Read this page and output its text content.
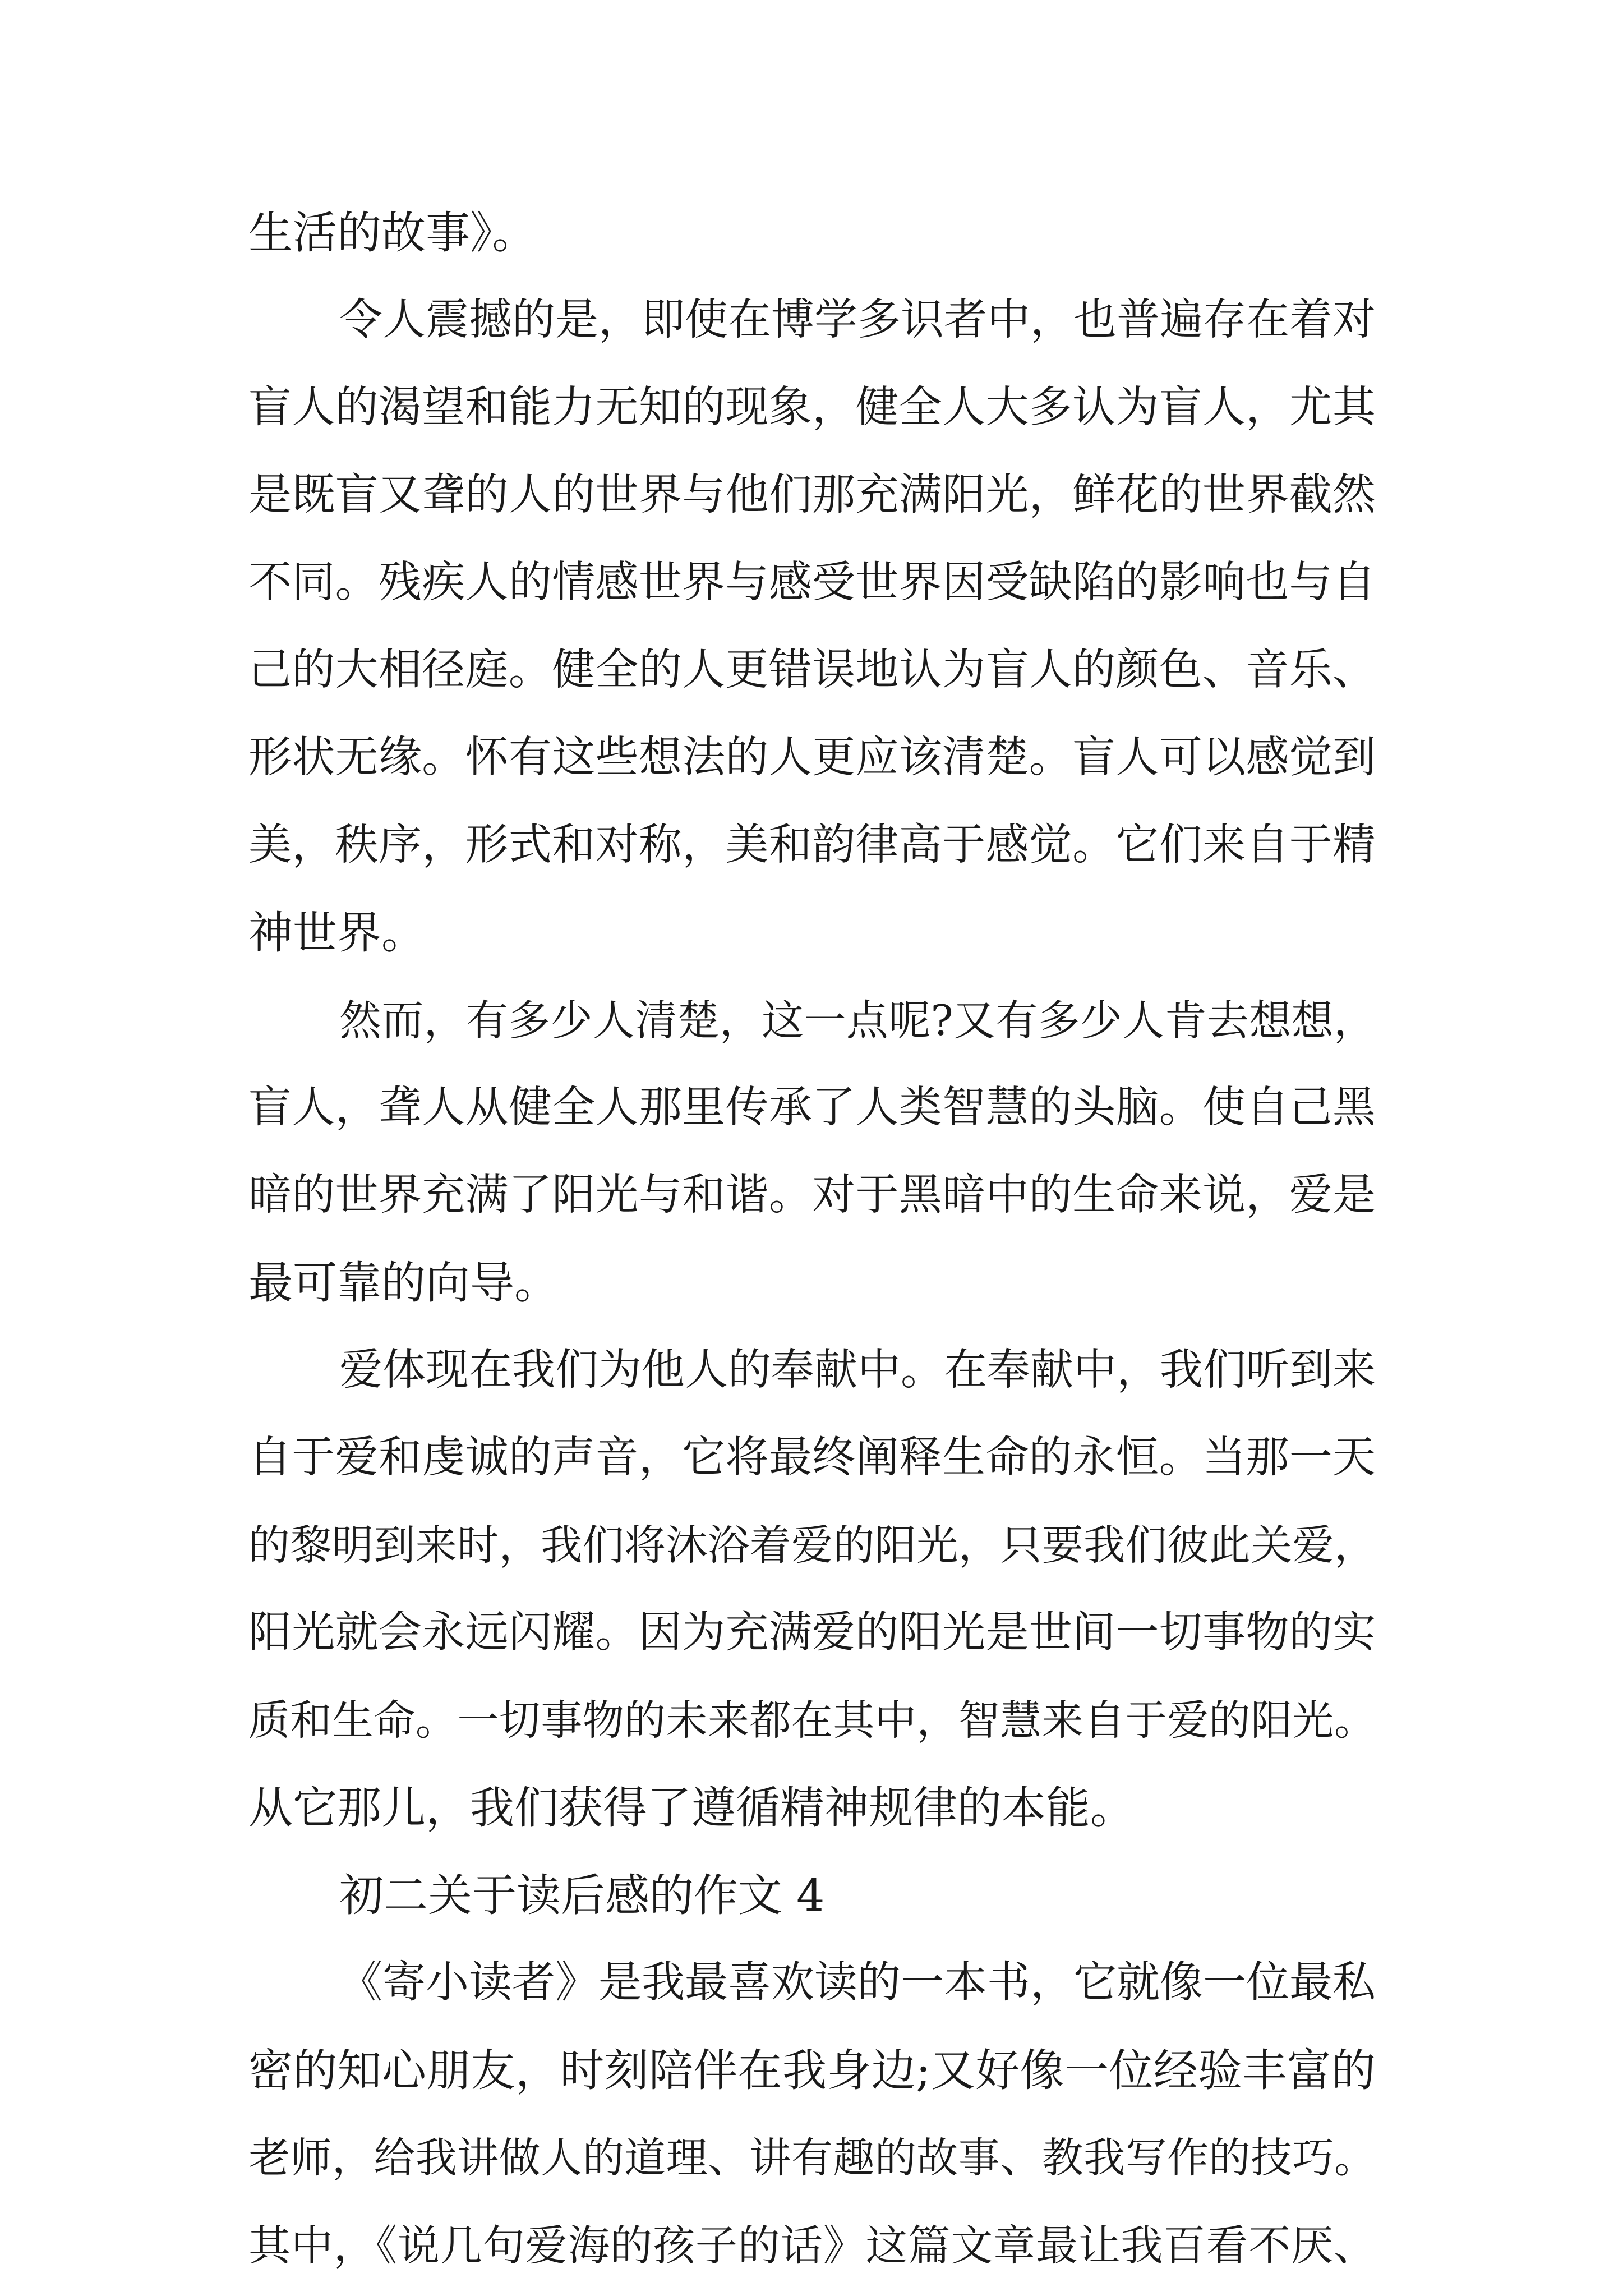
生活的故事》。
令人震撼的是，即使在博学多识者中，也普遍存在着对
盲人的渴望和能力无知的现象，健全人大多认为盲人，尤其
是既盲又聋的人的世界与他们那充满阳光，鲜花的世界截然
不同。残疾人的情感世界与感受世界因受缺陷的影响也与自
己的大相径庭。健全的人更错误地认为盲人的颜色、音乐、
形状无缘。怀有这些想法的人更应该清楚。盲人可以感觉到
美，秩序，形式和对称，美和韵律高于感觉。它们来自于精
神世界。
然而，有多少人清楚，这一点呢?又有多少人肯去想想，
盲人，聋人从健全人那里传承了人类智慧的头脑。使自己黑
暗的世界充满了阳光与和谐。对于黑暗中的生命来说，爱是
最可靠的向导。
爱体现在我们为他人的奉献中。在奉献中，我们听到来
自于爱和虔诚的声音，它将最终阐释生命的永恒。当那一天
的黎明到来时，我们将沐浴着爱的阳光，只要我们彼此关爱，
阳光就会永远闪耀。因为充满爱的阳光是世间一切事物的实
质和生命。一切事物的未来都在其中，智慧来自于爱的阳光。
从它那儿，我们获得了遵循精神规律的本能。
初二关于读后感的作文 4
《寄小读者》是我最喜欢读的一本书，它就像一位最私
密的知心朋友，时刻陪伴在我身边;又好像一位经验丰富的
老师，给我讲做人的道理、讲有趣的故事、教我写作的技巧。
其中，《说几句爱海的孩子的话》这篇文章最让我百看不厌、
